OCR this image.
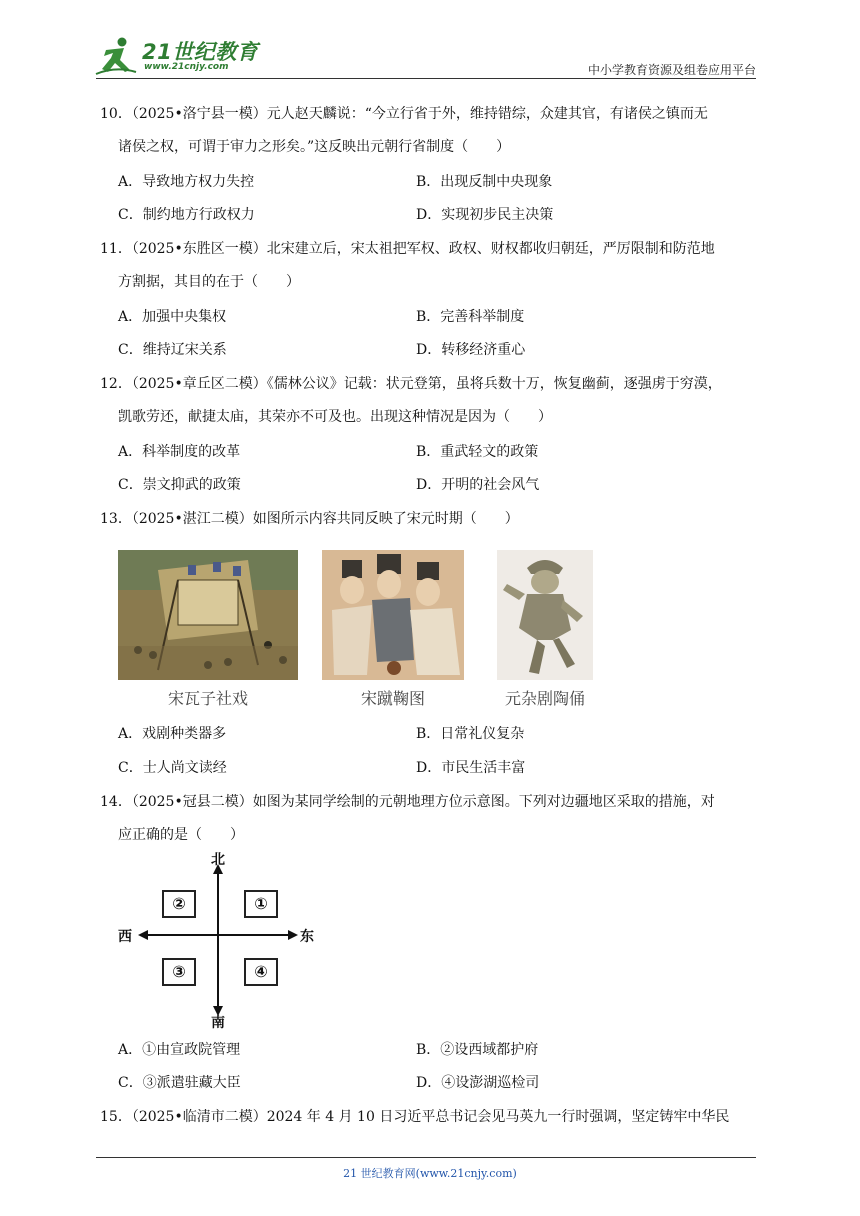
21世纪教育
www.21cnjy.com	中小学教育资源及组卷应用平台
10．（2025•洛宁县一模）元人赵天麟说：“今立行省于外，维持错综，众建其官，有诸侯之镇而无
诸侯之权，可谓于审力之形矣。”这反映出元朝行省制度（　　）
A．导致地方权力失控	B．出现反制中央现象
C．制约地方行政权力	D．实现初步民主决策
11．（2025•东胜区一模）北宋建立后，宋太祖把军权、政权、财权都收归朝廷，严厉限制和防范地
方割据，其目的在于（　　）
A．加强中央集权	B．完善科举制度
C．维持辽宋关系	D．转移经济重心
12．（2025•章丘区二模）《儒林公议》记载：状元登第，虽将兵数十万，恢复幽蓟，逐强虏于穷漠，
凯歌劳还，献捷太庙，其荣亦不可及也。出现这种情况是因为（　　）
A．科举制度的改革	B．重武轻文的政策
C．崇文抑武的政策	D．开明的社会风气
13．（2025•湛江二模）如图所示内容共同反映了宋元时期（　　）
宋瓦子社戏	宋蹴鞠图	元杂剧陶俑
A．戏剧种类器多	B．日常礼仪复杂
C．士人尚文读经	D．市民生活丰富
14．（2025•冠县二模）如图为某同学绘制的元朝地理方位示意图。下列对边疆地区采取的措施，对
应正确的是（　　）
北
南
西	东
②	①
③	④
A．①由宣政院管理	B．②设西域都护府
C．③派遣驻藏大臣	D．④设澎湖巡检司
15．（2025•临清市二模）2024 年 4 月 10 日习近平总书记会见马英九一行时强调，坚定铸牢中华民
21 世纪教育网(www.21cnjy.com)
